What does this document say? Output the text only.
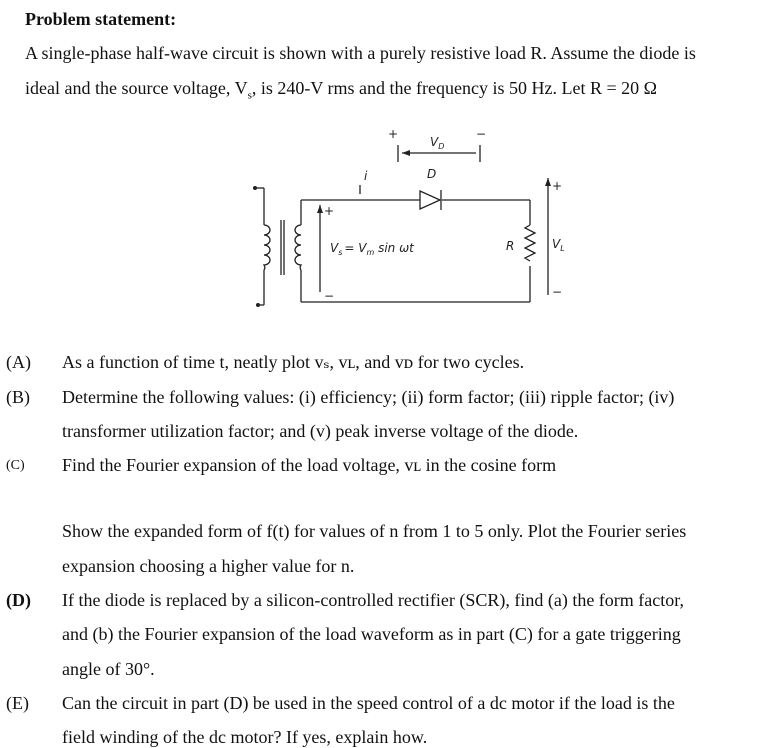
Problem statement:
A single-phase half-wave circuit is shown with a purely resistive load R. Assume the diode is
ideal and the source voltage, $V_s$, is 240-V rms and the frequency is 50 Hz. Let R = 20 Ω
$V_D$
D
i
+	−
+
−
$V_s = V_m$ sin ωt	R
+
−
$V_L$
(A) As a function of time t, neatly plot vₛ, vʟ, and vᴅ for two cycles.
(B) Determine the following values: (i) efficiency; (ii) form factor; (iii) ripple factor; (iv)
transformer utilization factor; and (v) peak inverse voltage of the diode.
(C) Find the Fourier expansion of the load voltage, vʟ in the cosine form
Show the expanded form of f(t) for values of n from 1 to 5 only. Plot the Fourier series
expansion choosing a higher value for n.
(D) If the diode is replaced by a silicon-controlled rectifier (SCR), find (a) the form factor,
and (b) the Fourier expansion of the load waveform as in part (C) for a gate triggering
angle of 30°.
(E) Can the circuit in part (D) be used in the speed control of a dc motor if the load is the
field winding of the dc motor? If yes, explain how.
